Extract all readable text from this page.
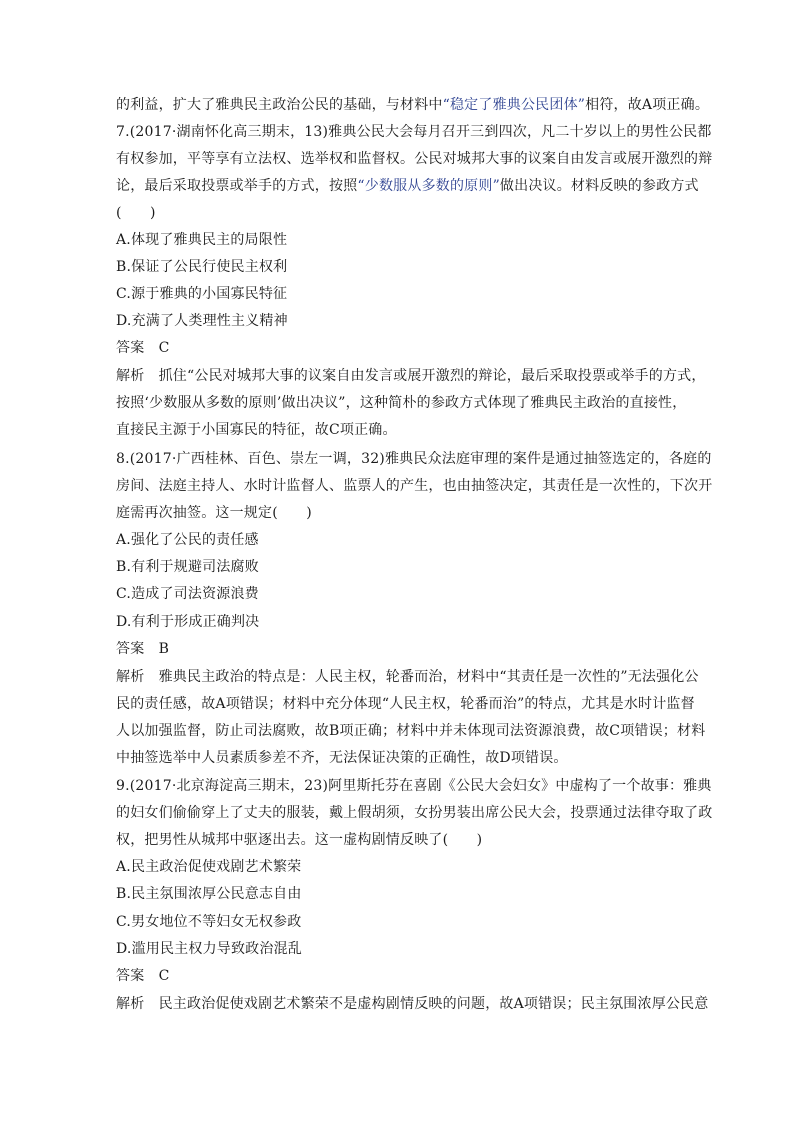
的利益，扩大了雅典民主政治公民的基础，与材料中“稳定了雅典公民团体”相符，故A项正确。
7.(2017·湖南怀化高三期末，13)雅典公民大会每月召开三到四次，凡二十岁以上的男性公民都
有权参加，平等享有立法权、选举权和监督权。公民对城邦大事的议案自由发言或展开激烈的辩
论，最后采取投票或举手的方式，按照“少数服从多数的原则”做出决议。材料反映的参政方式
(　　)
A.体现了雅典民主的局限性
B.保证了公民行使民主权利
C.源于雅典的小国寡民特征
D.充满了人类理性主义精神
答案　C
解析　抓住“公民对城邦大事的议案自由发言或展开激烈的辩论，最后采取投票或举手的方式，
按照‘少数服从多数的原则’做出决议”，这种简朴的参政方式体现了雅典民主政治的直接性，
直接民主源于小国寡民的特征，故C项正确。
8.(2017·广西桂林、百色、崇左一调，32)雅典民众法庭审理的案件是通过抽签选定的，各庭的
房间、法庭主持人、水时计监督人、监票人的产生，也由抽签决定，其责任是一次性的，下次开
庭需再次抽签。这一规定(　　)
A.强化了公民的责任感
B.有利于规避司法腐败
C.造成了司法资源浪费
D.有利于形成正确判决
答案　B
解析　雅典民主政治的特点是：人民主权，轮番而治，材料中“其责任是一次性的”无法强化公
民的责任感，故A项错误；材料中充分体现“人民主权，轮番而治”的特点，尤其是水时计监督
人以加强监督，防止司法腐败，故B项正确；材料中并未体现司法资源浪费，故C项错误；材料
中抽签选举中人员素质参差不齐，无法保证决策的正确性，故D项错误。
9.(2017·北京海淀高三期末，23)阿里斯托芬在喜剧《公民大会妇女》中虚构了一个故事：雅典
的妇女们偷偷穿上了丈夫的服装，戴上假胡须，女扮男装出席公民大会，投票通过法律夺取了政
权，把男性从城邦中驱逐出去。这一虚构剧情反映了(　　)
A.民主政治促使戏剧艺术繁荣
B.民主氛围浓厚公民意志自由
C.男女地位不等妇女无权参政
D.滥用民主权力导致政治混乱
答案　C
解析　民主政治促使戏剧艺术繁荣不是虚构剧情反映的问题，故A项错误；民主氛围浓厚公民意
